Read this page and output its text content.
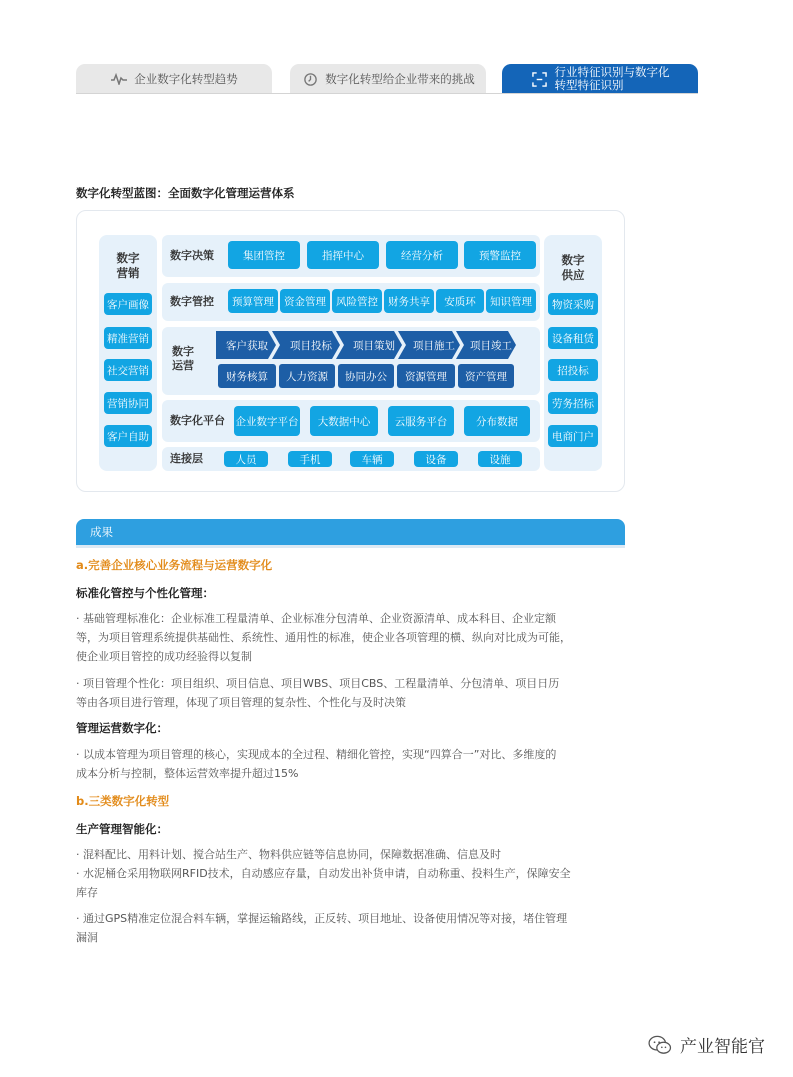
企业数字化转型趋势	数字化转型给企业带来的挑战	行业特征识别与数字化
转型特征识别
数字化转型蓝图：全面数字化管理运营体系
数字
营销
客户画像
精准营销
社交营销
营销协同
客户自助
数字
供应
物资采购
设备租赁
招投标
劳务招标
电商门户
数字决策	集团管控	指挥中心	经营分析	预警监控
数字管控	预算管理 资金管理 风险管控 财务共享	安质环	知识管理
数字
运营
客户获取	项目投标	项目策划	项目施工	项目竣工
财务核算	人力资源	协同办公	资源管理	资产管理
数字化平台 企业数字平台	大数据中心	云服务平台	分布数据
连接层	人员	手机	车辆	设备	设施
成果
a.完善企业核心业务流程与运营数字化
标准化管控与个性化管理：
· 基础管理标准化：企业标准工程量清单、企业标准分包清单、企业资源清单、成本科目、企业定额
等，为项目管理系统提供基础性、系统性、通用性的标准，使企业各项管理的横、纵向对比成为可能，
使企业项目管控的成功经验得以复制
· 项目管理个性化：项目组织、项目信息、项目WBS、项目CBS、工程量清单、分包清单、项目日历
等由各项目进行管理，体现了项目管理的复杂性、个性化与及时决策
管理运营数字化：
· 以成本管理为项目管理的核心，实现成本的全过程、精细化管控，实现“四算合一”对比、多维度的
成本分析与控制，整体运营效率提升超过15%
b.三类数字化转型
生产管理智能化：
· 混料配比、用料计划、搅合站生产、物料供应链等信息协同，保障数据准确、信息及时
· 水泥桶仓采用物联网RFID技术，自动感应存量，自动发出补货申请，自动称重、投料生产，保障安全
库存
· 通过GPS精准定位混合料车辆，掌握运输路线，正反转、项目地址、设备使用情况等对接，堵住管理
漏洞
产业智能官
